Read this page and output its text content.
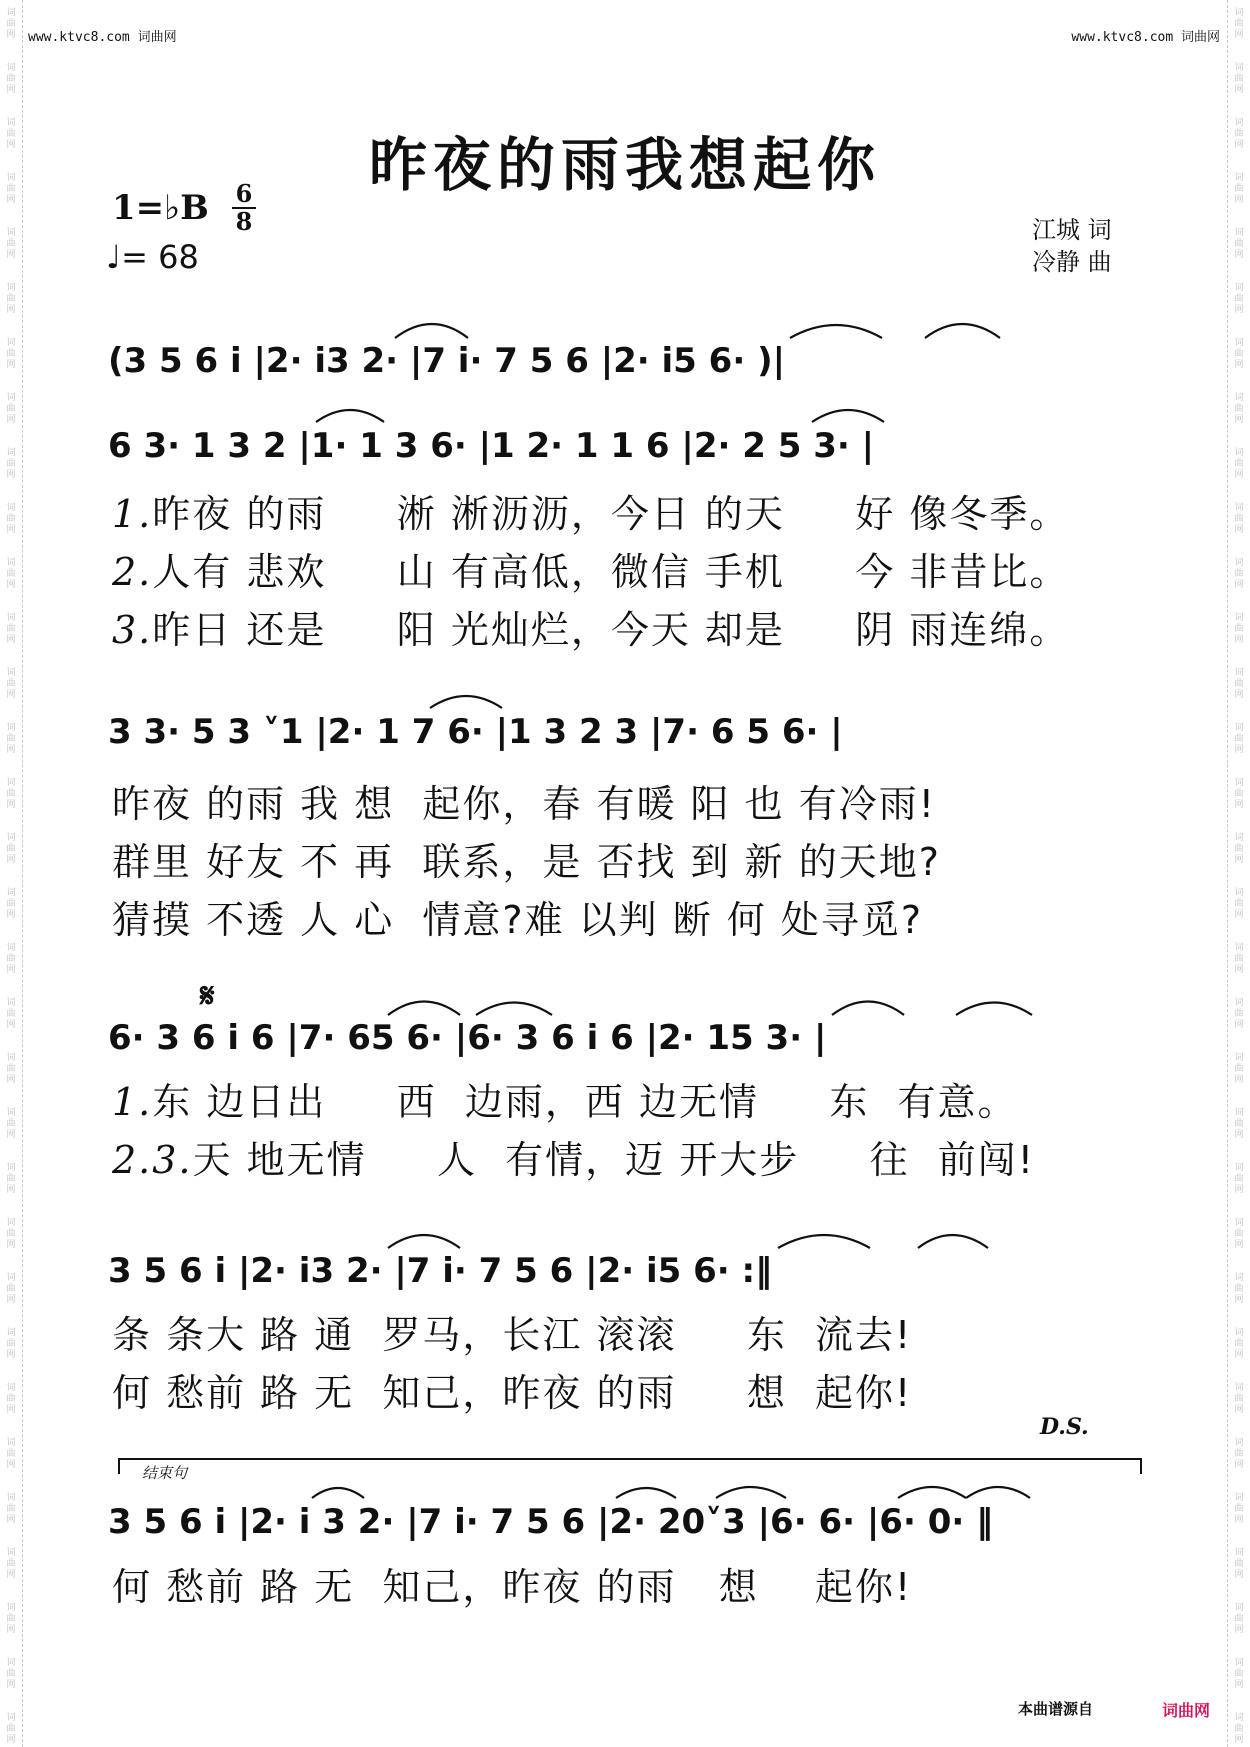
词
曲
网
词
曲
网
词
曲
网
词
曲
网
词
曲
网
词
曲
网
词
曲
网
词
曲
网
词
曲
网
词
曲
网
词
曲
网
词
曲
网
词
曲
网
词
曲
网
词
曲
网
词
曲
网
词
曲
网
词
曲
网
词
曲
网
词
曲
网
词
曲
网
词
曲
网
词
曲
网
词
曲
网
词
曲
网
词
曲
网
词
曲
网
词
曲
网
词
曲
网
词
曲
网
词
曲
网
词
曲
网
词
曲
网
词
曲
网
词
曲
网
词
曲
网
词
曲
网
词
曲
网
词
曲
网
词
曲
网
词
曲
网
词
曲
网
词
曲
网
词
曲
网
词
曲
网
词
曲
网
词
曲
网
词
曲
网
词
曲
网
词
曲
网
词
曲
网
词
曲
网
词
曲
网
词
曲
网
词
曲
网
词
曲
网
词
曲
网
词
曲
网
词
曲
网
词
曲
网
词
曲
网
词
曲
网
词
曲
网
词
曲
网
www.ktvc8.com 词曲网	www.ktvc8.com 词曲网
昨夜的雨我想起你
1=♭B 6
8
♩= 68
江城 词
冷静 曲
(3 5 6 i |2· i3 2· |7 i· 7 5 6 |2· i5 6· )|
6 3· 1 3 2 |1· 1 3 6· |1 2· 1 1 6 |2· 2 5 3· |
1.昨夜 的雨     淅 淅沥沥，今日 的天     好 像冬季。
2.人有 悲欢     山 有高低，微信 手机     今 非昔比。
3.昨日 还是     阳 光灿烂，今天 却是     阴 雨连绵。
3 3· 5 3 ˅1 |2· 1 7 6· |1 3 2 3 |7· 6 5 6· |
昨夜 的雨 我 想  起你，春 有暖 阳 也 有冷雨!
群里 好友 不 再  联系，是 否找 到 新 的天地?
猜摸 不透 人 心  情意?难 以判 断 何 处寻觅?
𝄋
6· 3 6 i 6 |7· 65 6· |6· 3 6 i 6 |2· 15 3· |
1.东 边日出     西  边雨，西 边无情     东  有意。
2.3.天 地无情     人  有情，迈 开大步     往  前闯!
3 5 6 i |2· i3 2· |7 i· 7 5 6 |2· i5 6· :‖
条 条大 路 通  罗马，长江 滚滚     东  流去!
何 愁前 路 无  知己，昨夜 的雨     想  起你!
D.S.
结束句
3 5 6 i |2· i 3 2· |7 i· 7 5 6 |2· 20˅3 |6· 6· |6· 0· ‖
何 愁前 路 无  知己，昨夜 的雨   想    起你!
本曲谱源自	词曲网
